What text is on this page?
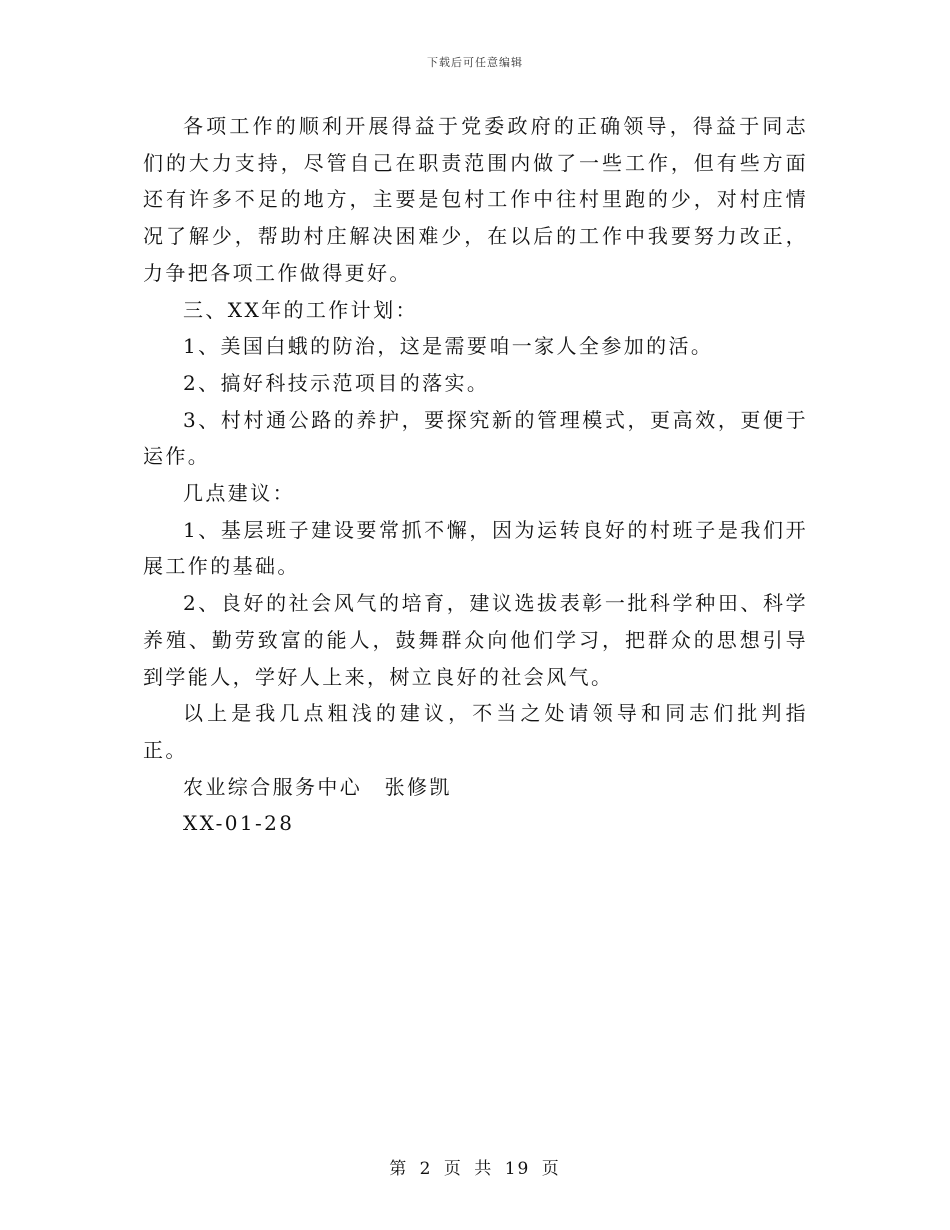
下载后可任意编辑

各项工作的顺利开展得益于党委政府的正确领导，得益于同志们的大力支持，尽管自己在职责范围内做了一些工作，但有些方面还有许多不足的地方，主要是包村工作中往村里跑的少，对村庄情况了解少，帮助村庄解决困难少，在以后的工作中我要努力改正，力争把各项工作做得更好。

三、XX年的工作计划：

1、美国白蛾的防治，这是需要咱一家人全参加的活。

2、搞好科技示范项目的落实。

3、村村通公路的养护，要探究新的管理模式，更高效，更便于运作。

几点建议：

1、基层班子建设要常抓不懈，因为运转良好的村班子是我们开展工作的基础。

2、良好的社会风气的培育，建议选拔表彰一批科学种田、科学养殖、勤劳致富的能人，鼓舞群众向他们学习，把群众的思想引导到学能人，学好人上来，树立良好的社会风气。

以上是我几点粗浅的建议，不当之处请领导和同志们批判指正。

农业综合服务中心　张修凯

XX-01-28

第 2 页 共 19 页
